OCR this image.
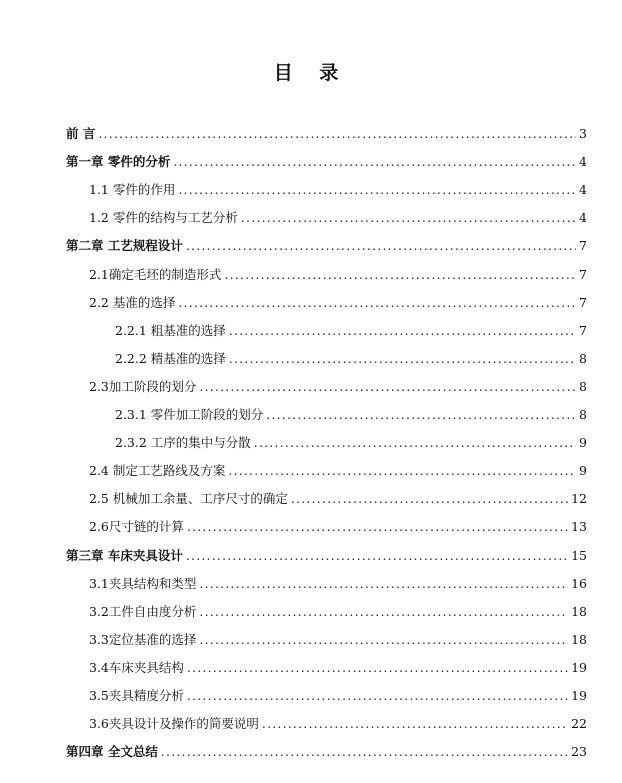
目 录
前 言 .....	3
第一章 零件的分析 .....	4
1.1 零件的作用 .....	4
1.2 零件的结构与工艺分析 .....	4
第二章 工艺规程设计 .....	7
2.1确定毛坯的制造形式 .....	7
2.2 基准的选择 .....	7
2.2.1 粗基准的选择 .....	7
2.2.2 精基准的选择 .....	8
2.3加工阶段的划分 .....	8
2.3.1 零件加工阶段的划分 .....	8
2.3.2 工序的集中与分散 .....	9
2.4 制定工艺路线及方案 .....	9
2.5 机械加工余量、工序尺寸的确定 .....	12
2.6尺寸链的计算 .....	13
第三章 车床夹具设计 .....	15
3.1夹具结构和类型 .....	16
3.2工件自由度分析 .....	18
3.3定位基准的选择 .....	18
3.4车床夹具结构 .....	19
3.5夹具精度分析 .....	19
3.6夹具设计及操作的简要说明 .....	22
第四章 全文总结 .....	23
